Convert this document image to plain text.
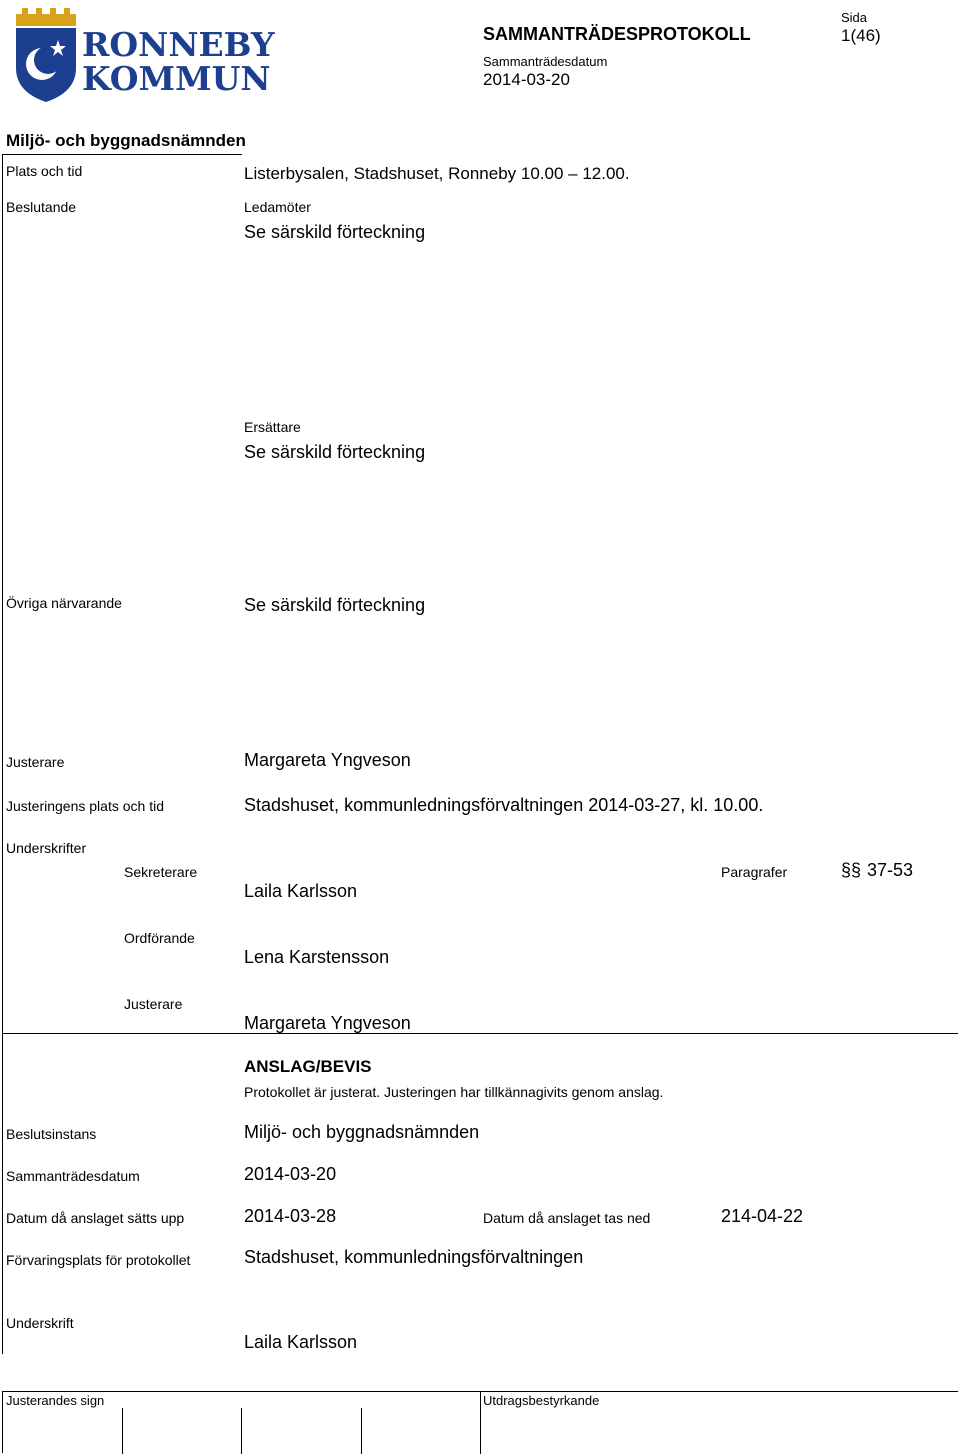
RONNEBY
KOMMUN
SAMMANTRÄDESPROTOKOLL
Sammanträdesdatum
2014-03-20
Sida
1(46)
Miljö- och byggnadsnämnden
Plats och tid	Listerbysalen, Stadshuset, Ronneby 10.00 – 12.00.
Beslutande	Ledamöter
Se särskild förteckning
Ersättare
Se särskild förteckning
Övriga närvarande	Se särskild förteckning
Justerare	Margareta Yngveson
Justeringens plats och tid	Stadshuset, kommunledningsförvaltningen 2014-03-27, kl. 10.00.
Underskrifter
Sekreterare
Laila Karlsson
Paragrafer	§§ 37-53
Ordförande
Lena Karstensson
Justerare
Margareta Yngveson
ANSLAG/BEVIS
Protokollet är justerat. Justeringen har tillkännagivits genom anslag.
Beslutsinstans	Miljö- och byggnadsnämnden
Sammanträdesdatum	2014-03-20
Datum då anslaget sätts upp	2014-03-28	Datum då anslaget tas ned	214-04-22
Förvaringsplats för protokollet	Stadshuset, kommunledningsförvaltningen
Underskrift
Laila Karlsson
Justerandes sign	Utdragsbestyrkande
